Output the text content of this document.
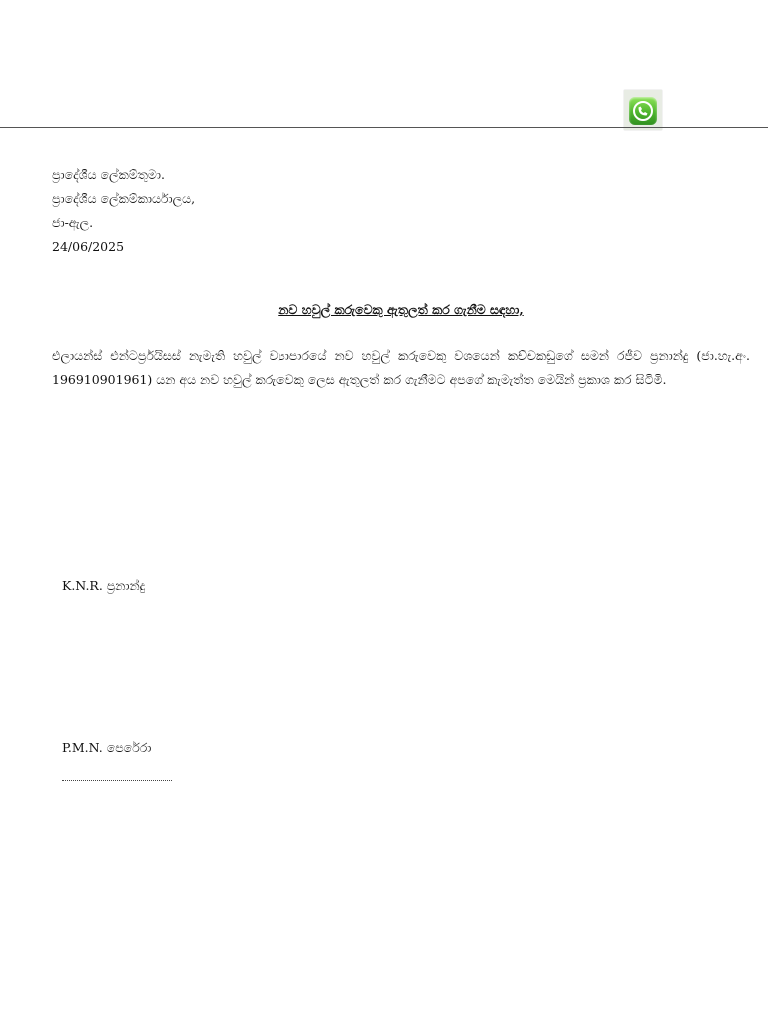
ප්‍රාදේශීය ලේකම්තුමා.
ප්‍රාදේශීය ලේකම්කාර්යාලය,
ජා-ඇල.
24/06/2025
නව හවුල් කරුවෙකු ඇතුලත් කර ගැනීම සඳහා,
එලායන්ස් එන්ටර්ප්‍රයිසස් නැමැති හවුල් ව්‍යාපාරයේ නව හවුල් කරුවෙකු වශයෙන් කච්චකඩුගේ සමන් රජීව ප්‍රනාන්දු (ජා.හැ.අං. 196910901961) යන අය නව හවුල් කරුවෙකු ලෙස ඇතුලත් කර ගැනීමට අපගේ කැමැත්ත මෙයින් ප්‍රකාශ කර සිටිමි.
K.N.R. ප්‍රනාන්දු
P.M.N. පෙරේරා
